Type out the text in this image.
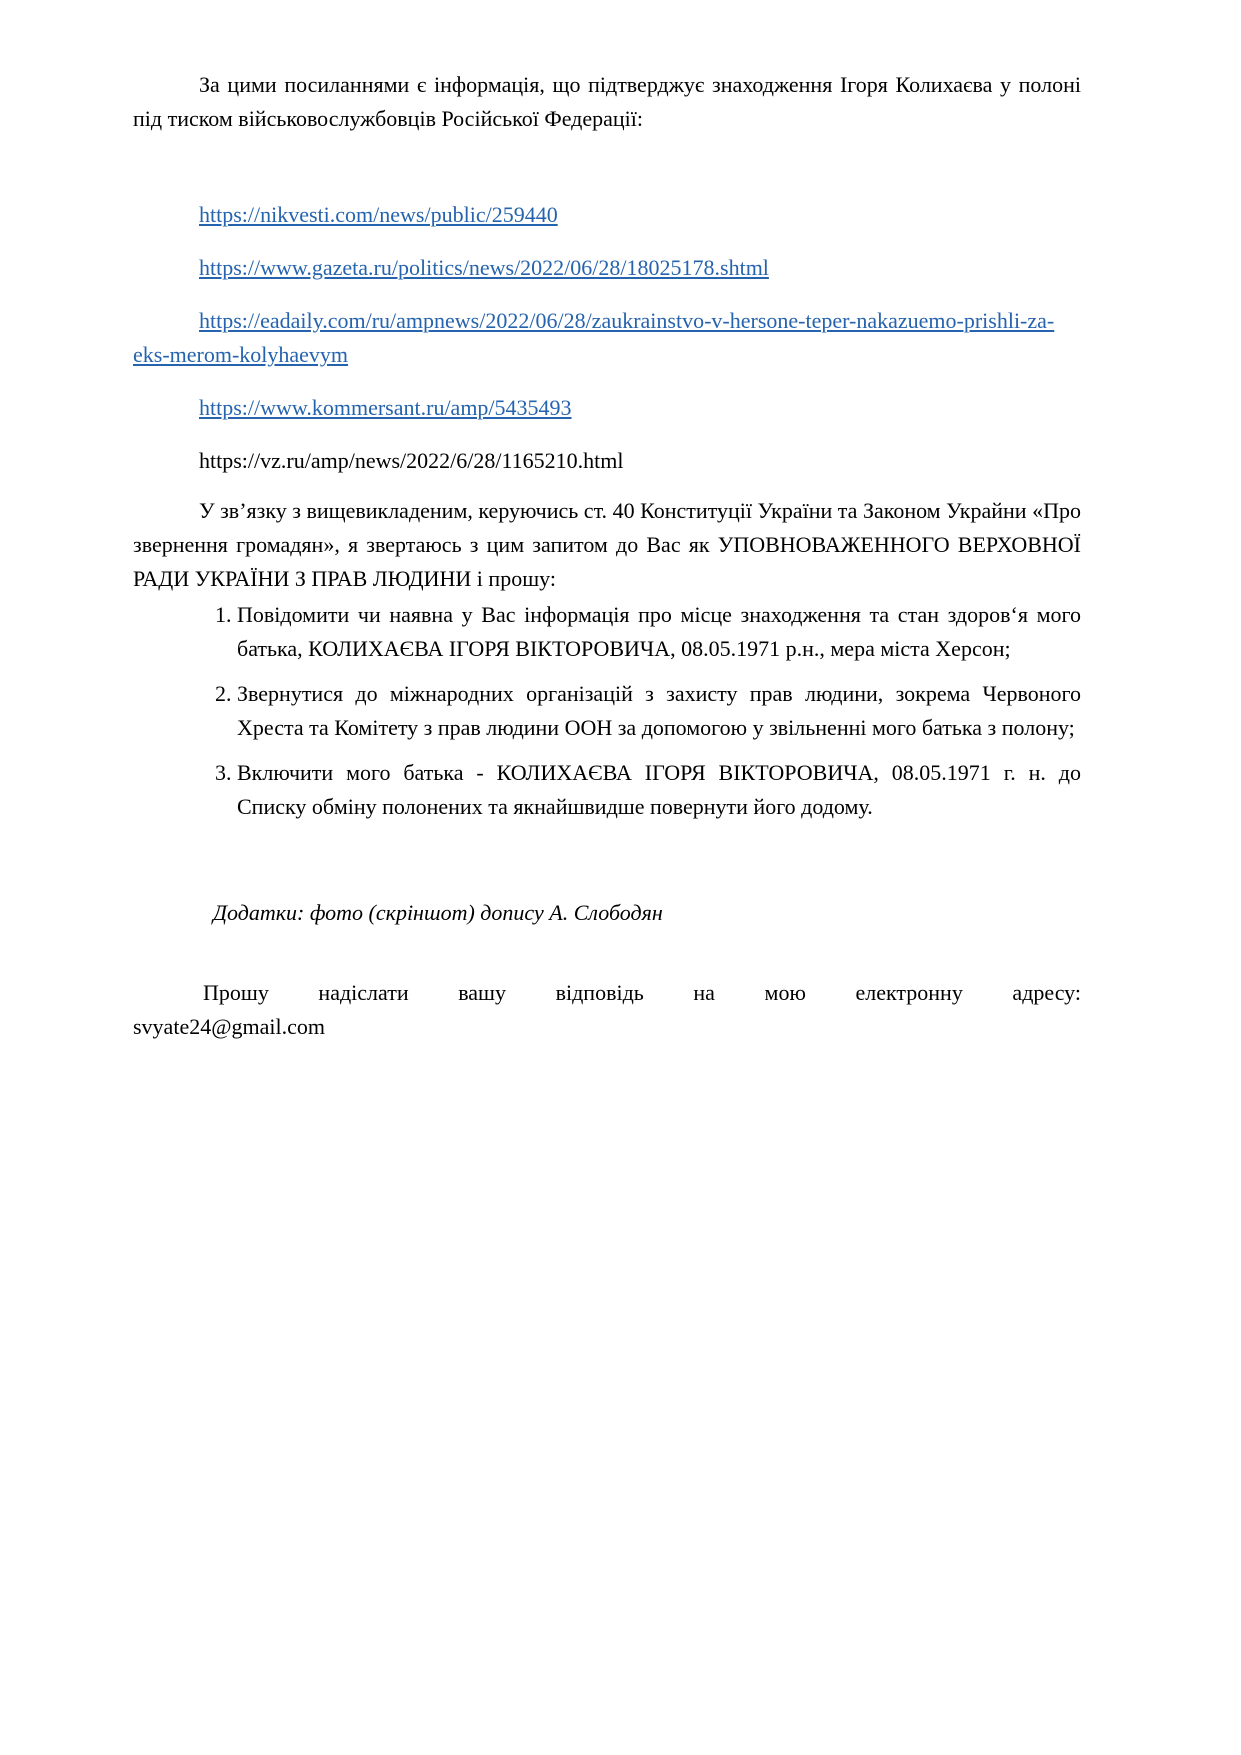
За цими посиланнями є інформація, що підтверджує знаходження Ігоря Колихаєва у полоні під тиском військовослужбовців Російської Федерації:

https://nikvesti.com/news/public/259440

https://www.gazeta.ru/politics/news/2022/06/28/18025178.shtml

https://eadaily.com/ru/ampnews/2022/06/28/zaukrainstvo-v-hersone-teper-nakazuemo-prishli-za-eks-merom-kolyhaevym

https://www.kommersant.ru/amp/5435493

https://vz.ru/amp/news/2022/6/28/1165210.html

У зв’язку з вищевикладеним, керуючись ст. 40 Конституції України та Законом Украйни «Про звернення громадян», я звертаюсь з цим запитом до Вас як УПОВНОВАЖЕННОГО ВЕРХОВНОЇ РАДИ УКРАЇНИ З ПРАВ ЛЮДИНИ і прошу:

1. Повідомити чи наявна у Вас інформація про місце знаходження та стан здоров‘я мого батька, КОЛИХАЄВА ІГОРЯ ВІКТОРОВИЧА, 08.05.1971 р.н., мера міста Херсон;
2. Звернутися до міжнародних організацій з захисту прав людини, зокрема Червоного Хреста та Комітету з прав людини ООН за допомогою у звільненні мого батька з полону;
3. Включити мого батька - КОЛИХАЄВА ІГОРЯ ВІКТОРОВИЧА, 08.05.1971 г. н. до Списку обміну полонених та якнайшвидше повернути його додому.

Додатки: фото (скріншот) допису А. Слободян

Прошу надіслати вашу відповідь на мою електронну адресу:
svyate24@gmail.com
